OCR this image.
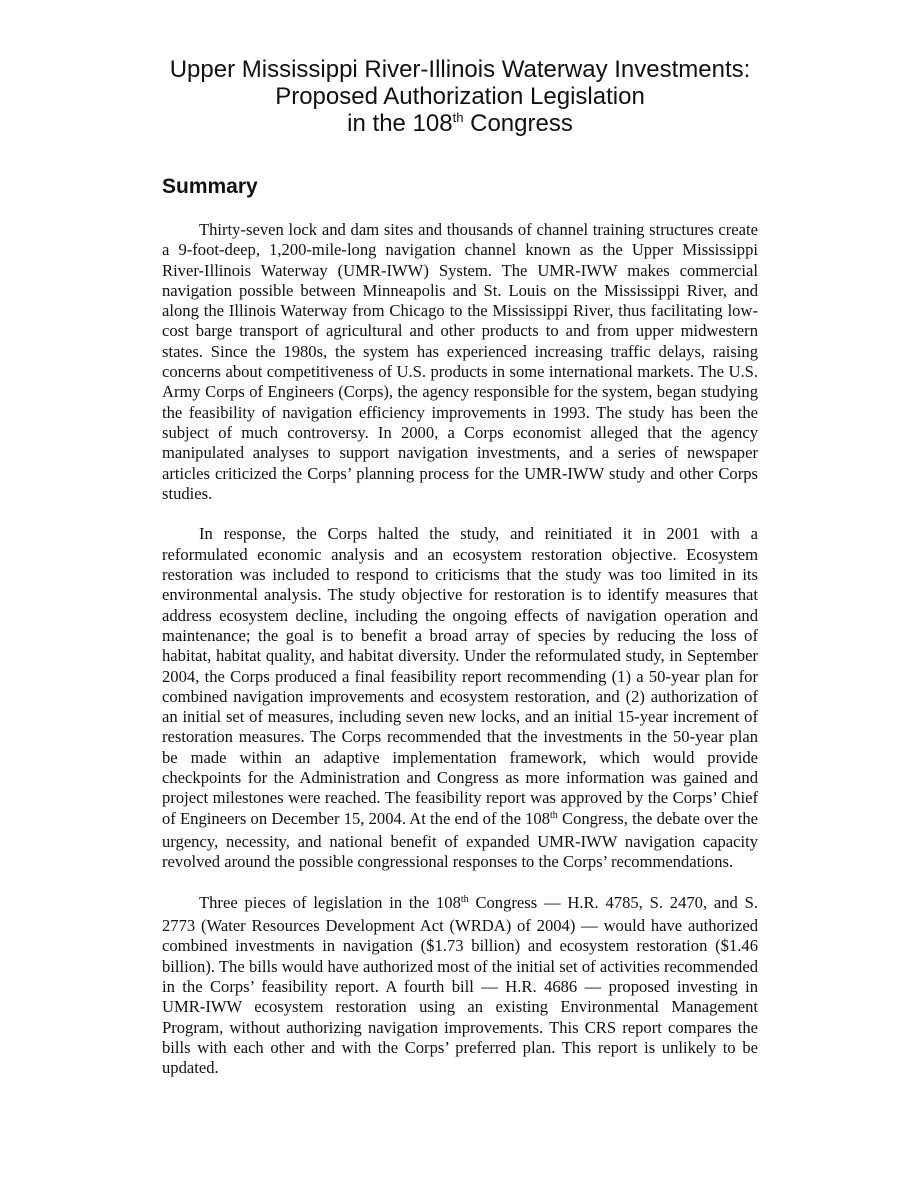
Upper Mississippi River-Illinois Waterway Investments:
Proposed Authorization Legislation
in the 108th Congress
Summary

Thirty-seven lock and dam sites and thousands of channel training structures create a 9-foot-deep, 1,200-mile-long navigation channel known as the Upper Mississippi River-Illinois Waterway (UMR-IWW) System. The UMR-IWW makes commercial navigation possible between Minneapolis and St. Louis on the Mississippi River, and along the Illinois Waterway from Chicago to the Mississippi River, thus facilitating low-cost barge transport of agricultural and other products to and from upper midwestern states. Since the 1980s, the system has experienced increasing traffic delays, raising concerns about competitiveness of U.S. products in some international markets. The U.S. Army Corps of Engineers (Corps), the agency responsible for the system, began studying the feasibility of navigation efficiency improvements in 1993. The study has been the subject of much controversy. In 2000, a Corps economist alleged that the agency manipulated analyses to support navigation investments, and a series of newspaper articles criticized the Corps’ planning process for the UMR-IWW study and other Corps studies.

In response, the Corps halted the study, and reinitiated it in 2001 with a reformulated economic analysis and an ecosystem restoration objective. Ecosystem restoration was included to respond to criticisms that the study was too limited in its environmental analysis. The study objective for restoration is to identify measures that address ecosystem decline, including the ongoing effects of navigation operation and maintenance; the goal is to benefit a broad array of species by reducing the loss of habitat, habitat quality, and habitat diversity. Under the reformulated study, in September 2004, the Corps produced a final feasibility report recommending (1) a 50-year plan for combined navigation improvements and ecosystem restoration, and (2) authorization of an initial set of measures, including seven new locks, and an initial 15-year increment of restoration measures. The Corps recommended that the investments in the 50-year plan be made within an adaptive implementation framework, which would provide checkpoints for the Administration and Congress as more information was gained and project milestones were reached. The feasibility report was approved by the Corps’ Chief of Engineers on December 15, 2004. At the end of the 108th Congress, the debate over the urgency, necessity, and national benefit of expanded UMR-IWW navigation capacity revolved around the possible congressional responses to the Corps’ recommendations.

Three pieces of legislation in the 108th Congress — H.R. 4785, S. 2470, and S. 2773 (Water Resources Development Act (WRDA) of 2004) — would have authorized combined investments in navigation ($1.73 billion) and ecosystem restoration ($1.46 billion). The bills would have authorized most of the initial set of activities recommended in the Corps’ feasibility report. A fourth bill — H.R. 4686 — proposed investing in UMR-IWW ecosystem restoration using an existing Environmental Management Program, without authorizing navigation improvements. This CRS report compares the bills with each other and with the Corps’ preferred plan. This report is unlikely to be updated.
